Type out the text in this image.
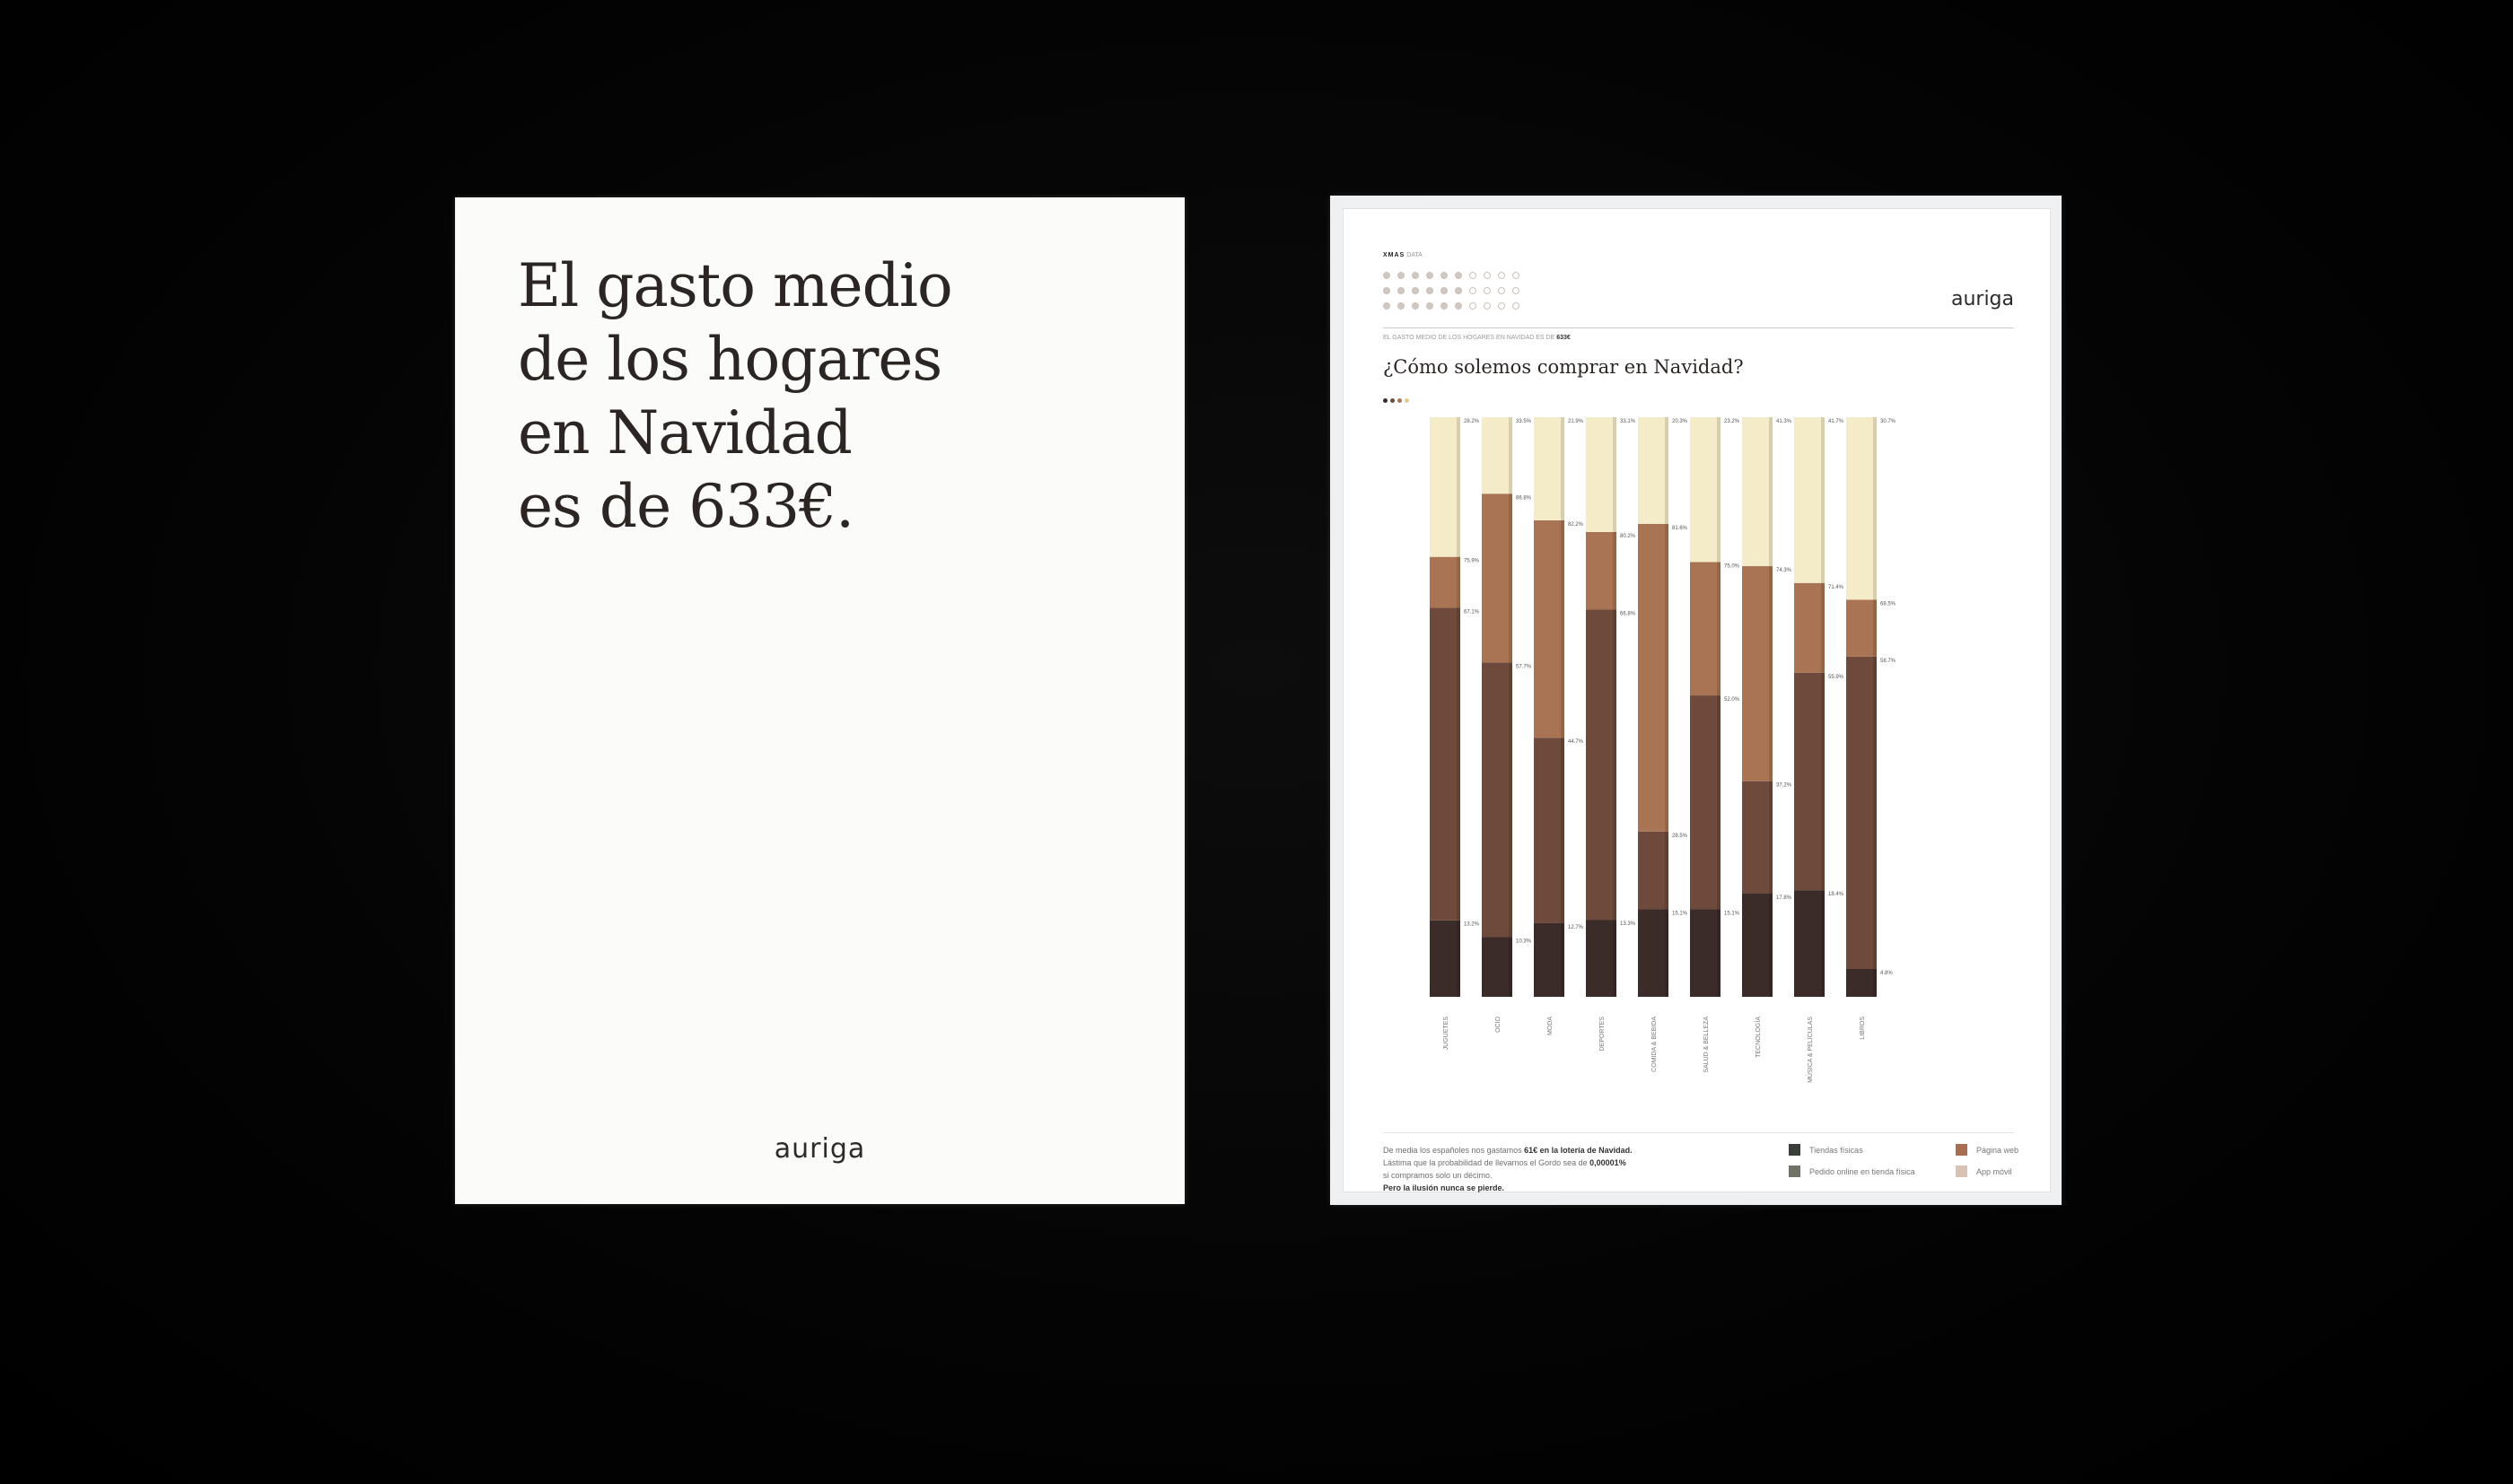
El gasto medio
de los hogares
en Navidad
es de 633€.
auriga
XMAS DATA
auriga
EL GASTO MEDIO DE LOS HOGARES EN NAVIDAD ES DE 633€
¿Cómo solemos comprar en Navidad?
75.9%
13.2%
67.1%
28.2%
JUGUETES
57.7%
10.3%
86.8%
33.5%
OCIO
82.2%
12.7%
44.7%
21.9%
MODA
80.2%
13.3%
66.8%
33.1%
DEPORTES
81.6%
15.1%
28.5%
20.3%
COMIDA & BEBIDA
75.0%
15.1%
52.0%
23.2%
SALUD & BELLEZA
37.2%
17.8%
74.3%
41.3%
TECNOLOGÍA
55.9%
18.4%
71.4%
41.7%
MÚSICA & PELÍCULAS
68.5%
4.8%
58.7%
30.7%
LIBROS
De media los españoles nos gastamos 61€ en la lotería de Navidad.
Lástima que la probabilidad de llevarnos el Gordo sea de 0,00001%
si compramos solo un décimo.
Pero la ilusión nunca se pierde.
Tiendas físicas
Pedido online en tienda física
Página web
App móvil
